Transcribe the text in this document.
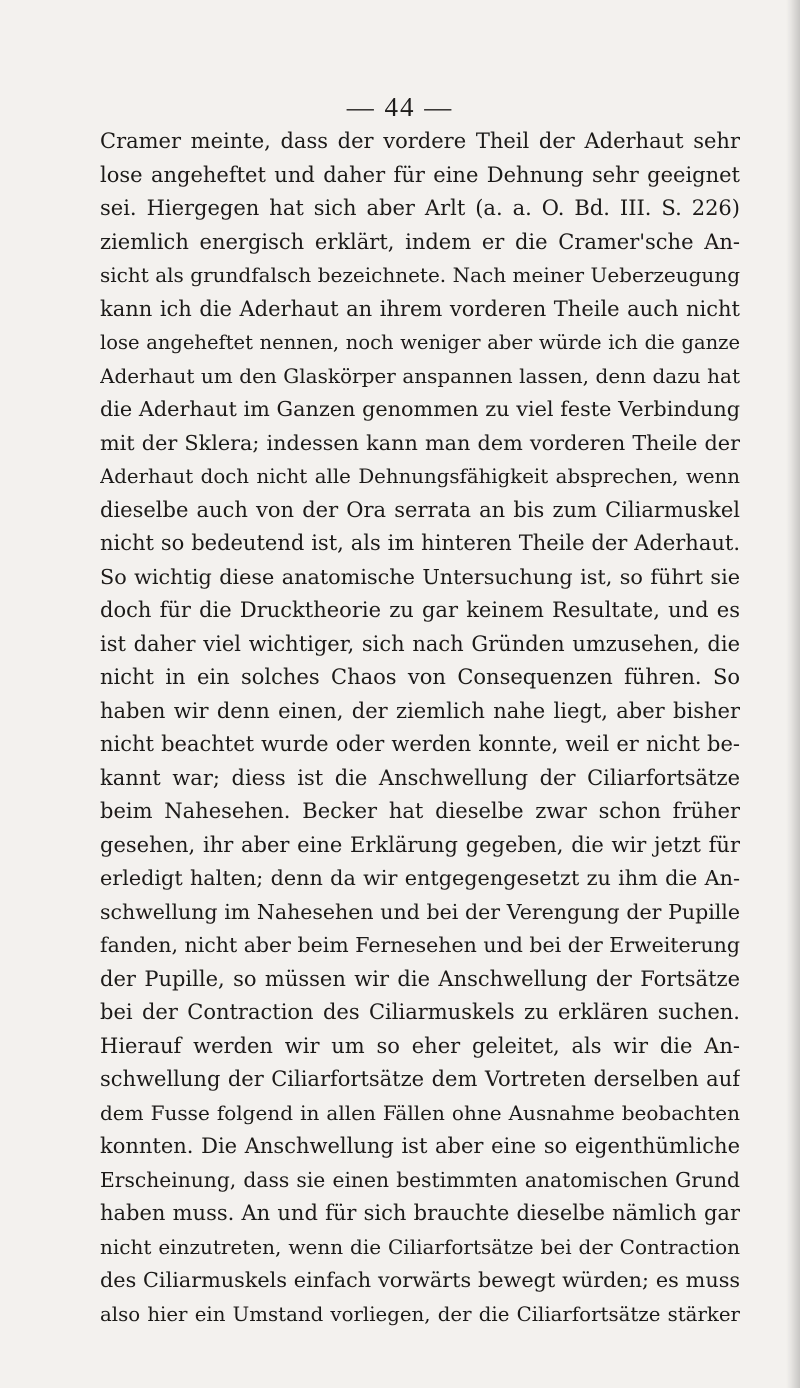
— 44 —
Cramer meinte, dass der vordere Theil der Aderhaut sehr
lose angeheftet und daher für eine Dehnung sehr geeignet
sei. Hiergegen hat sich aber Arlt (a. a. O. Bd. III. S. 226)
ziemlich energisch erklärt, indem er die Cramer'sche An-
sicht als grundfalsch bezeichnete. Nach meiner Ueberzeugung
kann ich die Aderhaut an ihrem vorderen Theile auch nicht
lose angeheftet nennen, noch weniger aber würde ich die ganze
Aderhaut um den Glaskörper anspannen lassen, denn dazu hat
die Aderhaut im Ganzen genommen zu viel feste Verbindung
mit der Sklera; indessen kann man dem vorderen Theile der
Aderhaut doch nicht alle Dehnungsfähigkeit absprechen, wenn
dieselbe auch von der Ora serrata an bis zum Ciliarmuskel
nicht so bedeutend ist, als im hinteren Theile der Aderhaut.
So wichtig diese anatomische Untersuchung ist, so führt sie
doch für die Drucktheorie zu gar keinem Resultate, und es
ist daher viel wichtiger, sich nach Gründen umzusehen, die
nicht in ein solches Chaos von Consequenzen führen. So
haben wir denn einen, der ziemlich nahe liegt, aber bisher
nicht beachtet wurde oder werden konnte, weil er nicht be-
kannt war; diess ist die Anschwellung der Ciliarfortsätze
beim Nahesehen. Becker hat dieselbe zwar schon früher
gesehen, ihr aber eine Erklärung gegeben, die wir jetzt für
erledigt halten; denn da wir entgegengesetzt zu ihm die An-
schwellung im Nahesehen und bei der Verengung der Pupille
fanden, nicht aber beim Fernesehen und bei der Erweiterung
der Pupille, so müssen wir die Anschwellung der Fortsätze
bei der Contraction des Ciliarmuskels zu erklären suchen.
Hierauf werden wir um so eher geleitet, als wir die An-
schwellung der Ciliarfortsätze dem Vortreten derselben auf
dem Fusse folgend in allen Fällen ohne Ausnahme beobachten
konnten. Die Anschwellung ist aber eine so eigenthümliche
Erscheinung, dass sie einen bestimmten anatomischen Grund
haben muss. An und für sich brauchte dieselbe nämlich gar
nicht einzutreten, wenn die Ciliarfortsätze bei der Contraction
des Ciliarmuskels einfach vorwärts bewegt würden; es muss
also hier ein Umstand vorliegen, der die Ciliarfortsätze stärker
